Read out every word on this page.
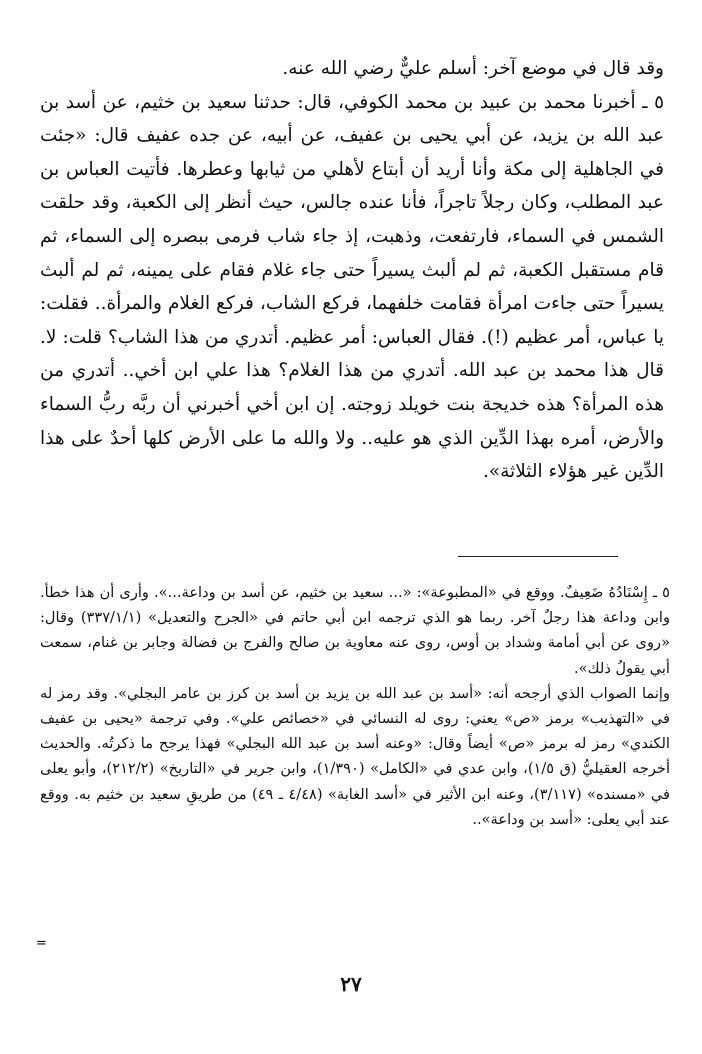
وقد قال في موضع آخر: أسلم عليٌّ رضي الله عنه.

٥ ـ أخبرنا محمد بن عبيد بن محمد الكوفي، قال: حدثنا سعيد بن خثيم، عن أسد بن عبد الله بن يزيد، عن أبي يحيى بن عفيف، عن أبيه، عن جده عفيف قال: «جئت في الجاهلية إلى مكة وأنا أريد أن أبتاع لأهلي من ثيابها وعطرها. فأتيت العباس بن عبد المطلب، وكان رجلاً تاجراً، فأنا عنده جالس، حيث أنظر إلى الكعبة، وقد حلقت الشمس في السماء، فارتفعت، وذهبت، إذ جاء شاب فرمى ببصره إلى السماء، ثم قام مستقبل الكعبة، ثم لم ألبث يسيراً حتى جاء غلام فقام على يمينه، ثم لم ألبث يسيراً حتى جاءت امرأة فقامت خلفهما، فركع الشاب، فركع الغلام والمرأة.. فقلت: يا عباس، أمر عظيم (!). فقال العباس: أمر عظيم. أتدري من هذا الشاب؟ قلت: لا. قال هذا محمد بن عبد الله. أتدري من هذا الغلام؟ هذا علي ابن أخي.. أتدري من هذه المرأة؟ هذه خديجة بنت خويلد زوجته. إن ابن أخي أخبرني أن ربَّه ربُّ السماء والأرض، أمره بهذا الدِّين الذي هو عليه.. ولا والله ما على الأرض كلها أحدٌ على هذا الدِّين غير هؤلاء الثلاثة».

٥ ـ إِسْنَادُهُ ضَعِيفٌ. ووقع في «المطبوعة»: «... سعيد بن خثيم، عن أسد بن وداعة...». وأرى أن هذا خطأ. وابن وداعة هذا رجلٌ آخر. ربما هو الذي ترجمه ابن أبي حاتم في «الجرح والتعديل» (٣٣٧/١/١) وقال: «روى عن أبي أمامة وشداد بن أوس، روى عنه معاوية بن صالح والفرج بن فضالة وجابر بن غنام، سمعت أبي يقولُ ذلك».

وإنما الصواب الذي أرجحه أنه: «أسد بن عبد الله بن يزيد بن أسد بن كرز بن عامر البجلي». وقد رمز له في «التهذيب» برمز «ص» يعني: روى له النسائي في «خصائص علي». وفي ترجمة «يحيى بن عفيف الكندي» رمز له برمز «ص» أيضاً وقال: «وعنه أسد بن عبد الله البجلي» فهذا يرجح ما ذكرتُه. والحديث أخرجه العقيليُّ (ق ١/٥)، وابن عدي في «الكامل» (١/٣٩٠)، وابن جرير في «التاريخ» (٢١٢/٢)، وأبو يعلى في «مسنده» (٣/١١٧)، وعنه ابن الأثير في «أسد الغابة» (٤/٤٨ ـ ٤٩) من طريقِ سعيد بن خثيم به. ووقع عند أبي يعلى: «أسد بن وداعة»..

=
٢٧
